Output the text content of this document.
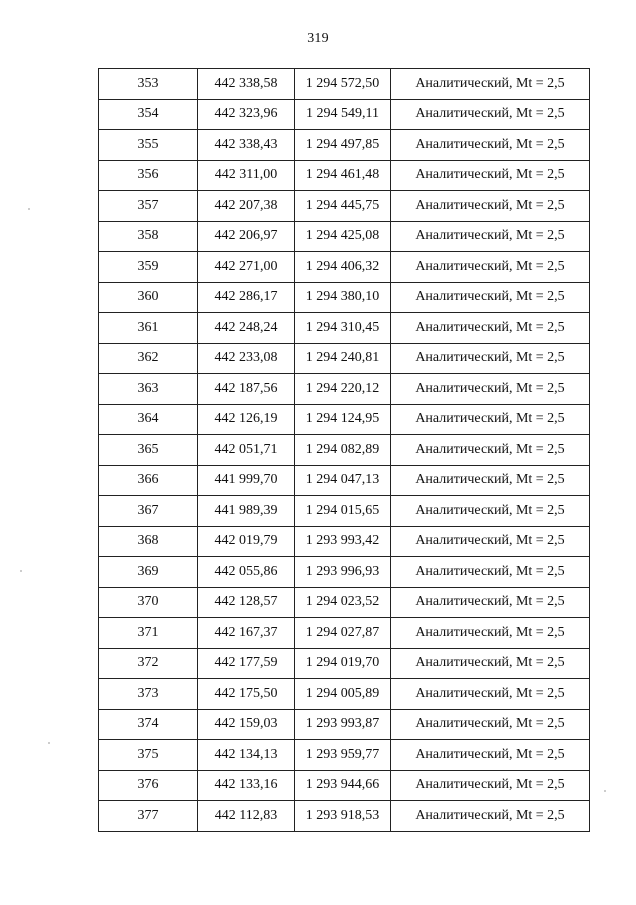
319
353	442 338,58	1 294 572,50	Аналитический, Mt = 2,5
354	442 323,96	1 294 549,11	Аналитический, Mt = 2,5
355	442 338,43	1 294 497,85	Аналитический, Mt = 2,5
356	442 311,00	1 294 461,48	Аналитический, Mt = 2,5
357	442 207,38	1 294 445,75	Аналитический, Mt = 2,5
358	442 206,97	1 294 425,08	Аналитический, Mt = 2,5
359	442 271,00	1 294 406,32	Аналитический, Mt = 2,5
360	442 286,17	1 294 380,10	Аналитический, Mt = 2,5
361	442 248,24	1 294 310,45	Аналитический, Mt = 2,5
362	442 233,08	1 294 240,81	Аналитический, Mt = 2,5
363	442 187,56	1 294 220,12	Аналитический, Mt = 2,5
364	442 126,19	1 294 124,95	Аналитический, Mt = 2,5
365	442 051,71	1 294 082,89	Аналитический, Mt = 2,5
366	441 999,70	1 294 047,13	Аналитический, Mt = 2,5
367	441 989,39	1 294 015,65	Аналитический, Mt = 2,5
368	442 019,79	1 293 993,42	Аналитический, Mt = 2,5
369	442 055,86	1 293 996,93	Аналитический, Mt = 2,5
370	442 128,57	1 294 023,52	Аналитический, Mt = 2,5
371	442 167,37	1 294 027,87	Аналитический, Mt = 2,5
372	442 177,59	1 294 019,70	Аналитический, Mt = 2,5
373	442 175,50	1 294 005,89	Аналитический, Mt = 2,5
374	442 159,03	1 293 993,87	Аналитический, Mt = 2,5
375	442 134,13	1 293 959,77	Аналитический, Mt = 2,5
376	442 133,16	1 293 944,66	Аналитический, Mt = 2,5
377	442 112,83	1 293 918,53	Аналитический, Mt = 2,5
